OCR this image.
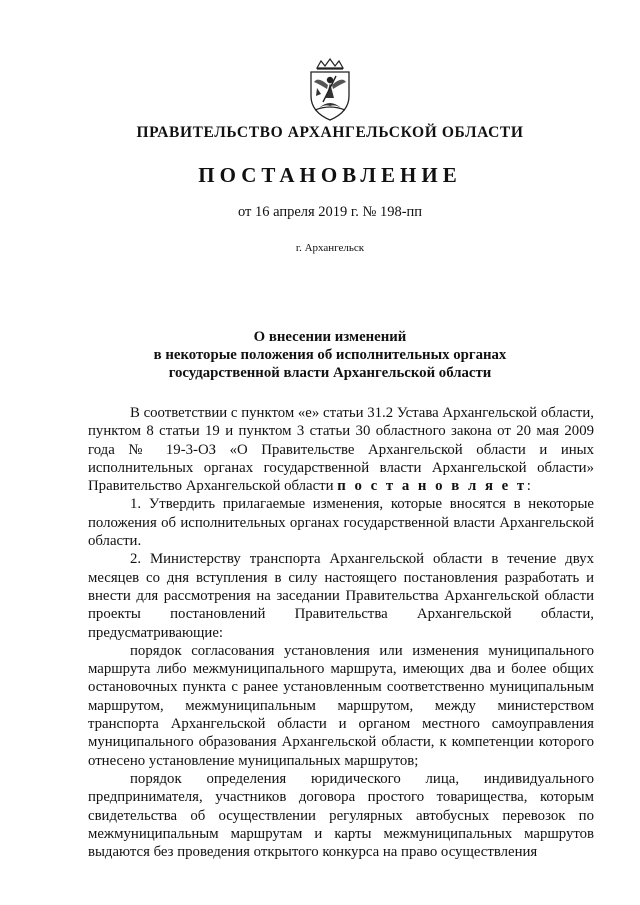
ПРАВИТЕЛЬСТВО АРХАНГЕЛЬСКОЙ ОБЛАСТИ
ПОСТАНОВЛЕНИЕ
от 16 апреля 2019 г. № 198-пп
г. Архангельск
О внесении изменений
в некоторые положения об исполнительных органах
государственной власти Архангельской области

В соответствии с пунктом «е» статьи 31.2 Устава Архангельской области, пунктом 8 статьи 19 и пунктом 3 статьи 30 областного закона от 20 мая 2009 года № 19-3-ОЗ «О Правительстве Архангельской области и иных исполнительных органах государственной власти Архангельской области» Правительство Архангельской области п о с т а н о в л я е т:

1. Утвердить прилагаемые изменения, которые вносятся в некоторые положения об исполнительных органах государственной власти Архангельской области.

2. Министерству транспорта Архангельской области в течение двух месяцев со дня вступления в силу настоящего постановления разработать и внести для рассмотрения на заседании Правительства Архангельской области проекты постановлений Правительства Архангельской области, предусматривающие:

порядок согласования установления или изменения муниципального маршрута либо межмуниципального маршрута, имеющих два и более общих остановочных пункта с ранее установленным соответственно муниципальным маршрутом, межмуниципальным маршрутом, между министерством транспорта Архангельской области и органом местного самоуправления муниципального образования Архангельской области, к компетенции которого отнесено установление муниципальных маршрутов;

порядок определения юридического лица, индивидуального предпринимателя, участников договора простого товарищества, которым свидетельства об осуществлении регулярных автобусных перевозок по межмуниципальным маршрутам и карты межмуниципальных маршрутов выдаются без проведения открытого конкурса на право осуществления
